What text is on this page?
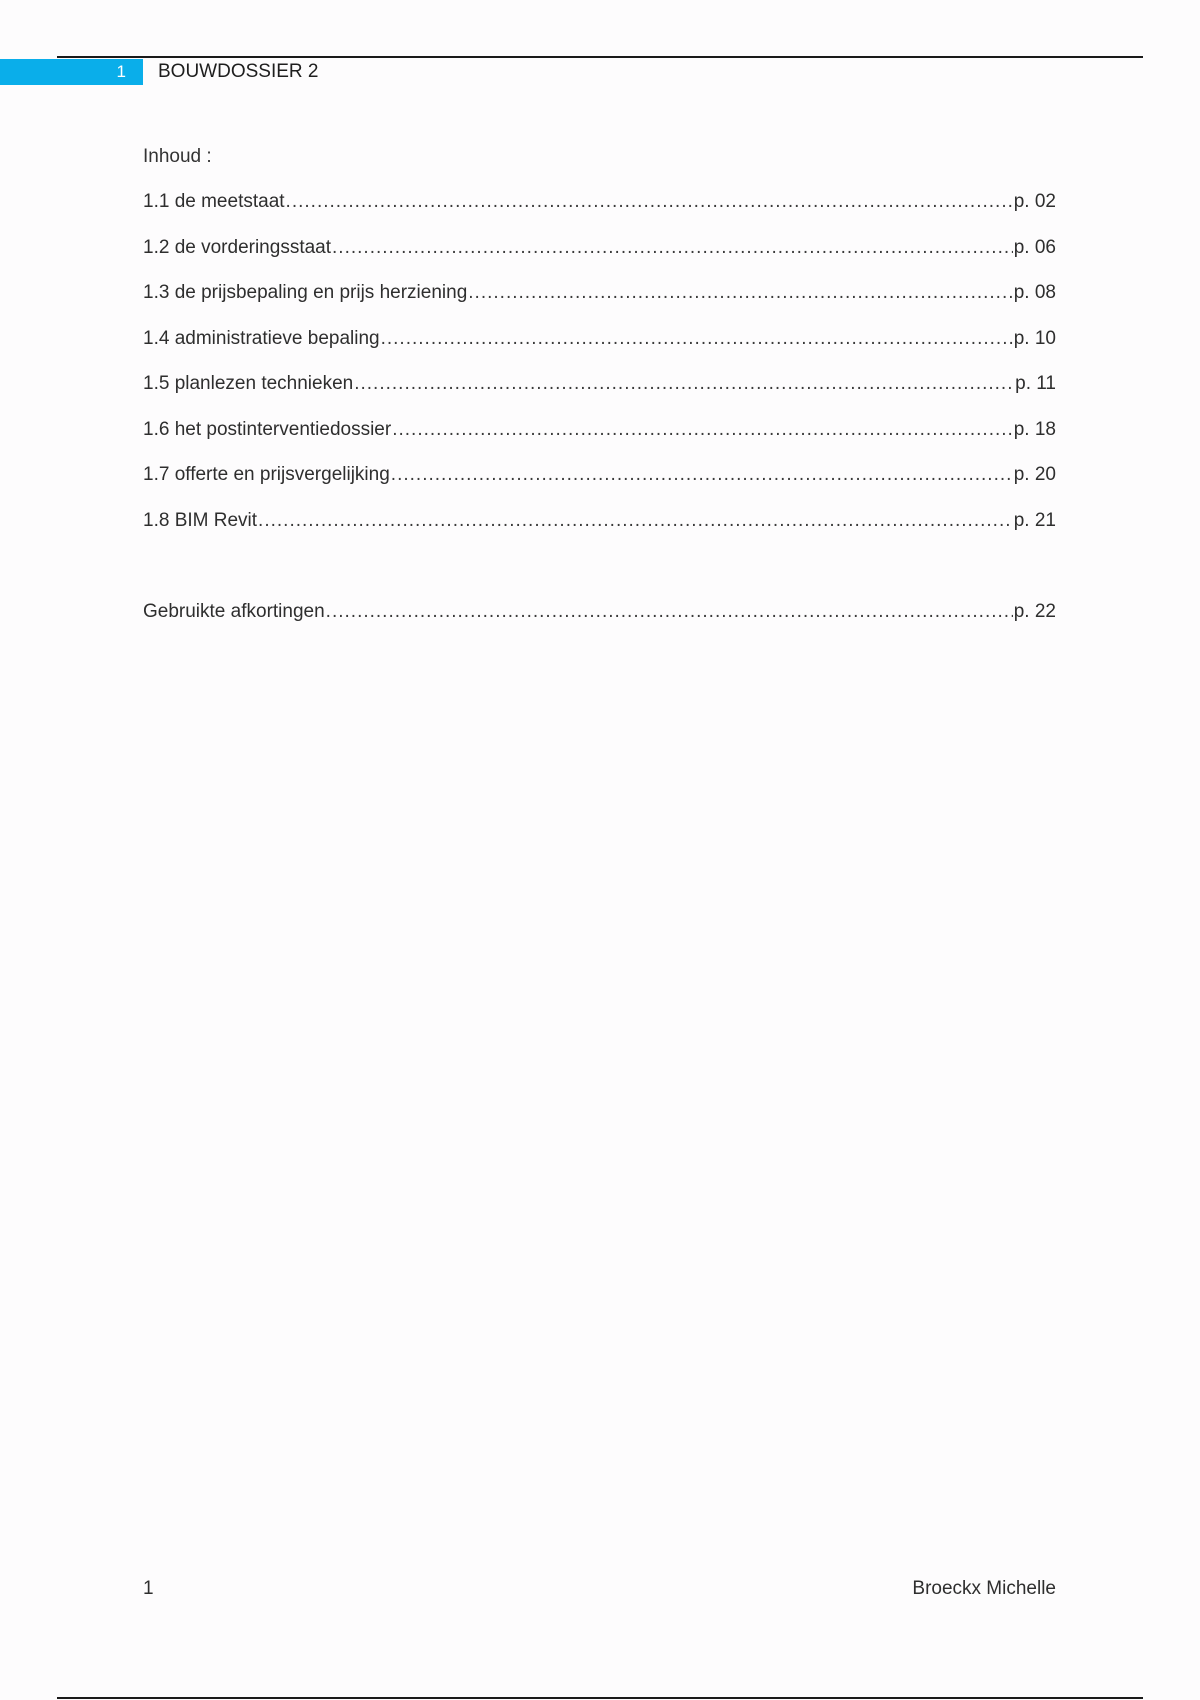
1 BOUWDOSSIER 2
Inhoud :
1.1 de meetstaat .....	p. 02
1.2 de vorderingsstaat .....	p. 06
1.3 de prijsbepaling en prijs herziening .....	p. 08
1.4 administratieve bepaling .....	p. 10
1.5 planlezen technieken .....	p. 11
1.6 het postinterventiedossier .....	p. 18
1.7 offerte en prijsvergelijking .....	p. 20
1.8 BIM Revit .....	p. 21
Gebruikte afkortingen .....	p. 22
1	Broeckx Michelle
